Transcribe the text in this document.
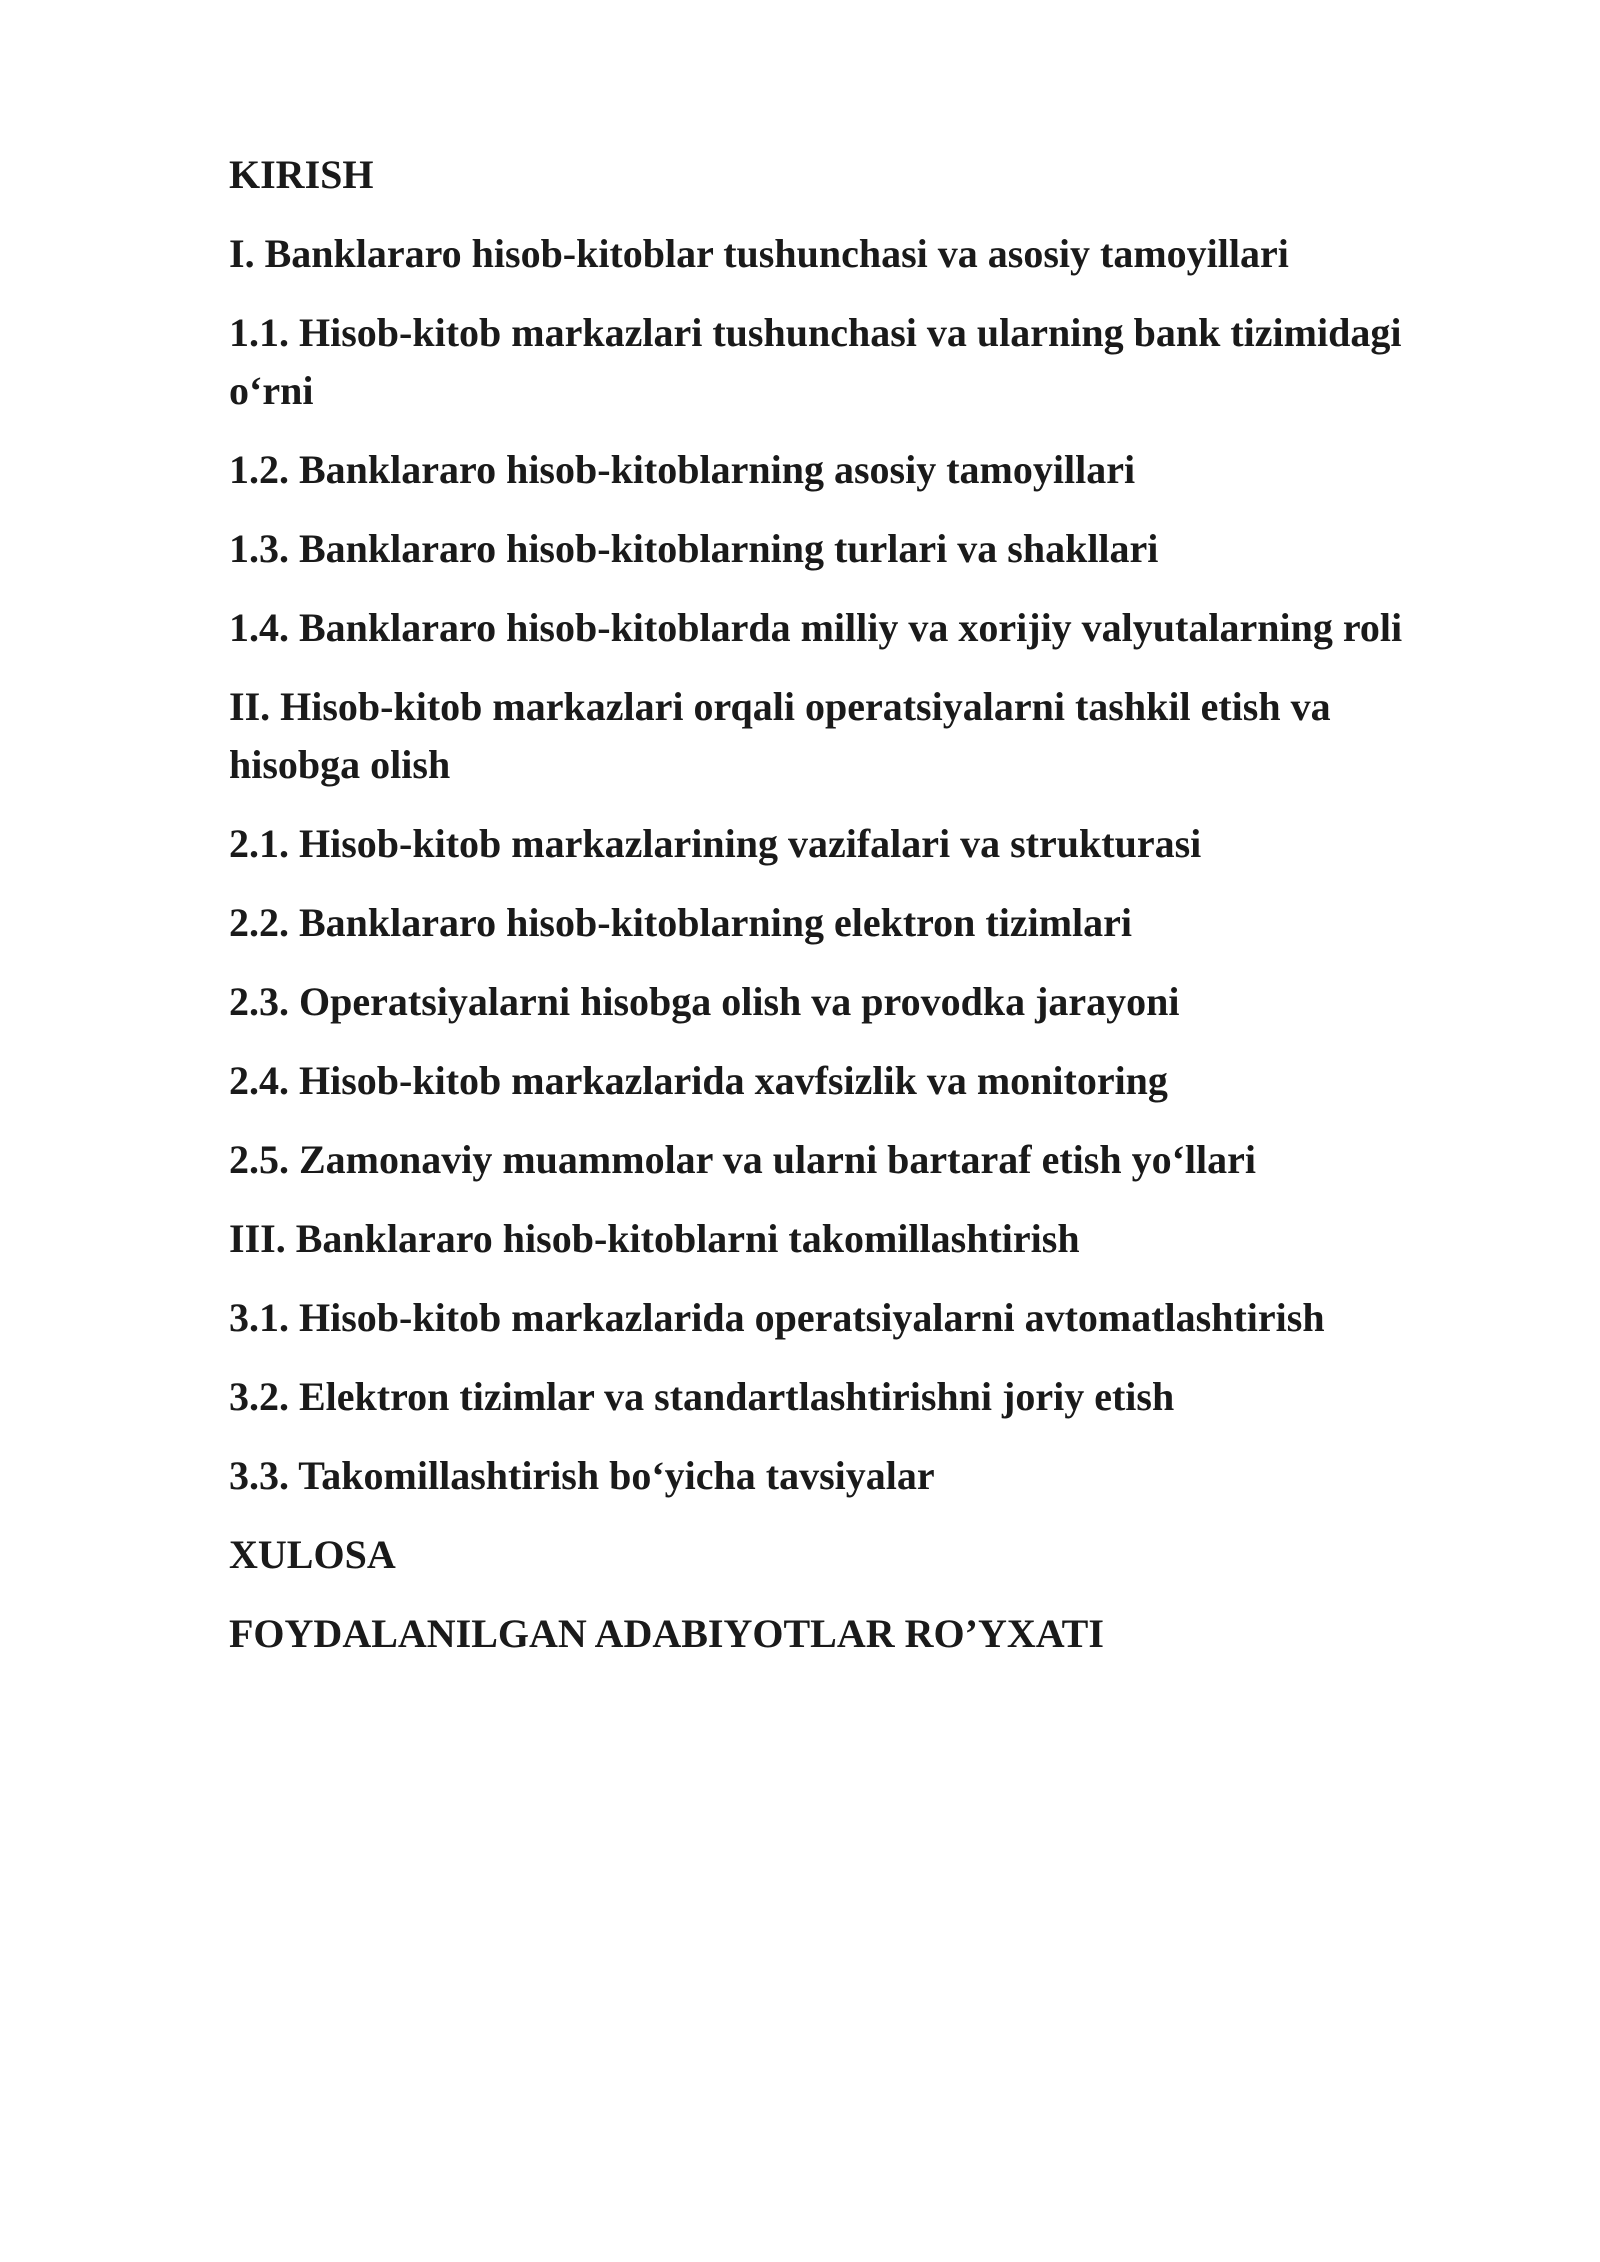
KIRISH
I. Banklararo hisob-kitoblar tushunchasi va asosiy tamoyillari
1.1. Hisob-kitob markazlari tushunchasi va ularning bank tizimidagi o‘rni
1.2. Banklararo hisob-kitoblarning asosiy tamoyillari
1.3. Banklararo hisob-kitoblarning turlari va shakllari
1.4. Banklararo hisob-kitoblarda milliy va xorijiy valyutalarning roli
II. Hisob-kitob markazlari orqali operatsiyalarni tashkil etish va hisobga olish
2.1. Hisob-kitob markazlarining vazifalari va strukturasi
2.2. Banklararo hisob-kitoblarning elektron tizimlari
2.3. Operatsiyalarni hisobga olish va provodka jarayoni
2.4. Hisob-kitob markazlarida xavfsizlik va monitoring
2.5. Zamonaviy muammolar va ularni bartaraf etish yo‘llari
III. Banklararo hisob-kitoblarni takomillashtirish
3.1. Hisob-kitob markazlarida operatsiyalarni avtomatlashtirish
3.2. Elektron tizimlar va standartlashtirishni joriy etish
3.3. Takomillashtirish bo‘yicha tavsiyalar
XULOSA
FOYDALANILGAN ADABIYOTLAR RO’YXATI
